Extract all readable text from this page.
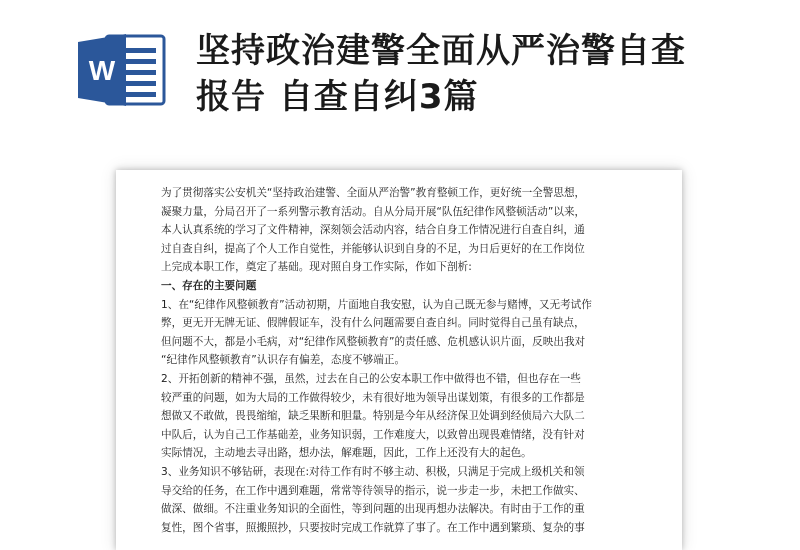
W 坚持政治建警全面从严治警自查
报告 自查自纠3篇
为了贯彻落实公安机关“坚持政治建警、全面从严治警”教育整顿工作，更好统一全警思想，
凝聚力量，分局召开了一系列警示教育活动。自从分局开展“队伍纪律作风整顿活动”以来，
本人认真系统的学习了文件精神，深刻领会活动内容，结合自身工作情况进行自查自纠，通
过自查自纠，提高了个人工作自觉性，并能够认识到自身的不足，为日后更好的在工作岗位
上完成本职工作，奠定了基础。现对照自身工作实际，作如下剖析:
一、存在的主要问题
1、在“纪律作风整顿教育”活动初期，片面地自我安慰，认为自己既无参与赌博，又无考试作
弊，更无开无牌无证、假牌假证车，没有什么问题需要自查自纠。同时觉得自己虽有缺点，
但问题不大，都是小毛病，对“纪律作风整顿教育”的责任感、危机感认识片面，反映出我对
“纪律作风整顿教育”认识存有偏差，态度不够端正。
2、开拓创新的精神不强，虽然，过去在自己的公安本职工作中做得也不错，但也存在一些
较严重的问题，如为大局的工作做得较少，未有很好地为领导出谋划策，有很多的工作都是
想做又不敢做，畏畏缩缩，缺乏果断和胆量。特别是今年从经济保卫处调到经侦局六大队二
中队后，认为自己工作基础差，业务知识弱，工作难度大，以致曾出现畏难情绪，没有针对
实际情况，主动地去寻出路，想办法，解难题，因此，工作上还没有大的起色。
3、业务知识不够钻研，表现在:对待工作有时不够主动、积极，只满足于完成上级机关和领
导交给的任务，在工作中遇到难题，常常等待领导的指示，说一步走一步，未把工作做实、
做深、做细。不注重业务知识的全面性，等到问题的出现再想办法解决。有时由于工作的重
复性，图个省事，照搬照抄，只要按时完成工作就算了事了。在工作中遇到繁琐、复杂的事
